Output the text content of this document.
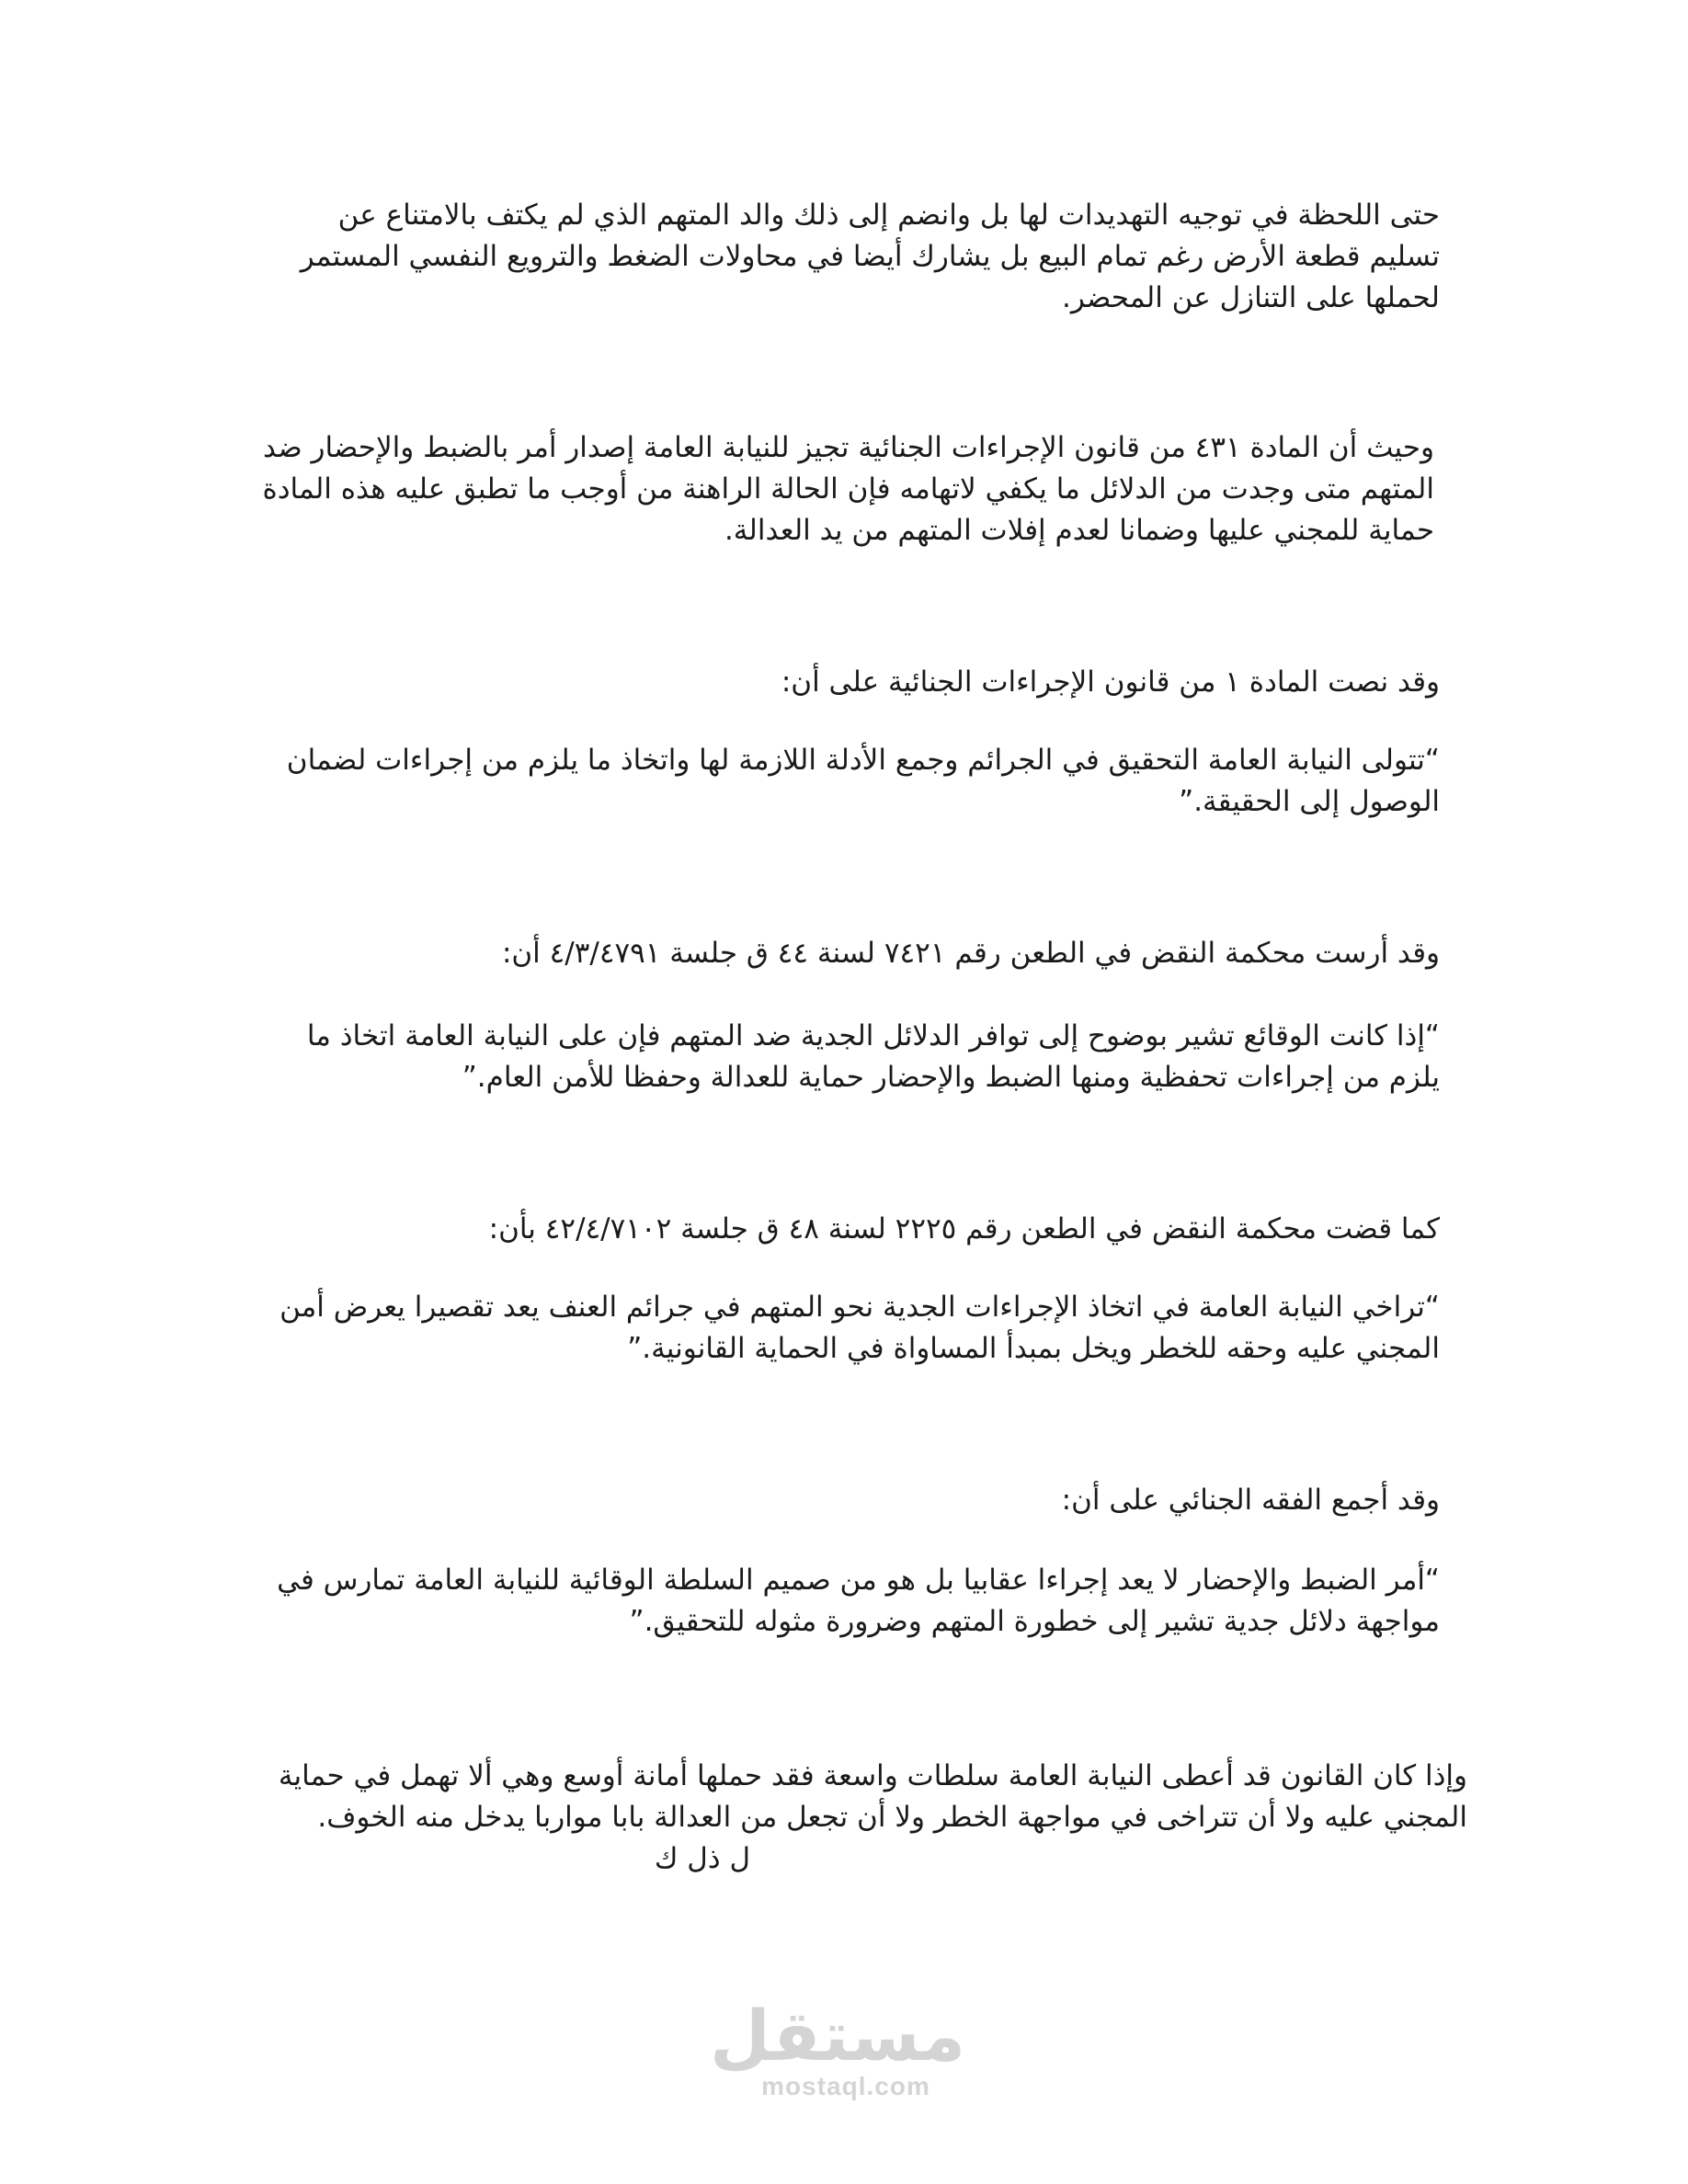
حتى اللحظة في توجيه التهديدات لها بل وانضم إلى ذلك والد المتهم الذي لم يكتف بالامتناع عن
تسليم قطعة الأرض رغم تمام البيع بل يشارك أيضا في محاولات الضغط والترويع النفسي المستمر
لحملها على التنازل عن المحضر.

وحيث أن المادة ٤٣١ من قانون الإجراءات الجنائية تجيز للنيابة العامة إصدار أمر بالضبط والإحضار ضد
المتهم متى وجدت من الدلائل ما يكفي لاتهامه فإن الحالة الراهنة من أوجب ما تطبق عليه هذه المادة
حماية للمجني عليها وضمانا لعدم إفلات المتهم من يد العدالة.

وقد نصت المادة ١ من قانون الإجراءات الجنائية على أن:

“تتولى النيابة العامة التحقيق في الجرائم وجمع الأدلة اللازمة لها واتخاذ ما يلزم من إجراءات لضمان
الوصول إلى الحقيقة.”

وقد أرست محكمة النقض في الطعن رقم ٧٤٢١ لسنة ٤٤ ق جلسة ٤/٣/٤٧٩١ أن:

“إذا كانت الوقائع تشير بوضوح إلى توافر الدلائل الجدية ضد المتهم فإن على النيابة العامة اتخاذ ما
يلزم من إجراءات تحفظية ومنها الضبط والإحضار حماية للعدالة وحفظا للأمن العام.”

كما قضت محكمة النقض في الطعن رقم ٢٢٢٥ لسنة ٤٨ ق جلسة ٤٢/٤/٧١٠٢ بأن:

“تراخي النيابة العامة في اتخاذ الإجراءات الجدية نحو المتهم في جرائم العنف يعد تقصيرا يعرض أمن
المجني عليه وحقه للخطر ويخل بمبدأ المساواة في الحماية القانونية.”

وقد أجمع الفقه الجنائي على أن:

“أمر الضبط والإحضار لا يعد إجراءا عقابيا بل هو من صميم السلطة الوقائية للنيابة العامة تمارس في
مواجهة دلائل جدية تشير إلى خطورة المتهم وضرورة مثوله للتحقيق.”

وإذا كان القانون قد أعطى النيابة العامة سلطات واسعة فقد حملها أمانة أوسع وهي ألا تهمل في حماية
المجني عليه ولا أن تتراخى في مواجهة الخطر ولا أن تجعل من العدالة بابا مواربا يدخل منه الخوف.
ل ذل ك

مستقل
mostaql.com
